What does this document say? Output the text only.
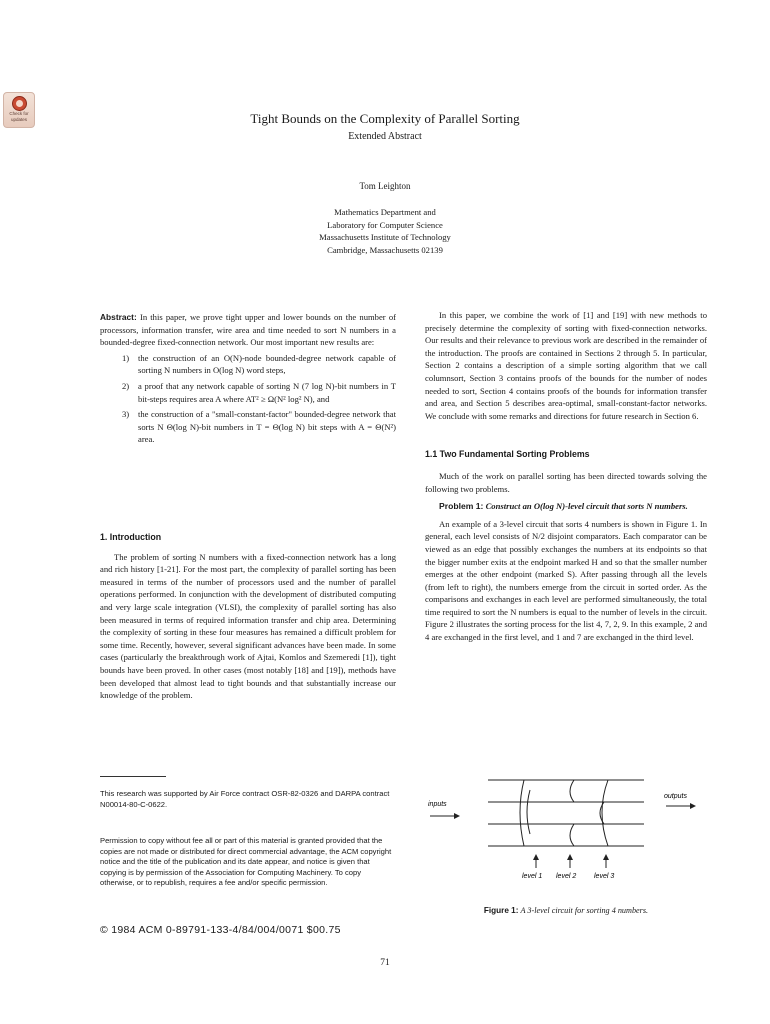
Check for updates	Tight Bounds on the Complexity of Parallel Sorting
Extended Abstract
Tom Leighton
Mathematics Department and
Laboratory for Computer Science
Massachusetts Institute of Technology
Cambridge, Massachusetts 02139

Abstract: In this paper, we prove tight upper and lower bounds on the number of processors, information transfer, wire area and time needed to sort N numbers in a bounded-degree fixed-connection network. Our most important new results are:

1) the construction of an O(N)-node bounded-degree network capable of sorting N numbers in O(log N) word steps,
2) a proof that any network capable of sorting N (7 log N)-bit numbers in T bit-steps requires area A where AT² ≥ Ω(N² log² N), and
3) the construction of a "small-constant-factor" bounded-degree network that sorts N Θ(log N)-bit numbers in T = Θ(log N) bit steps with A = Θ(N²) area.
1. Introduction

The problem of sorting N numbers with a fixed-connection network has a long and rich history [1-21]. For the most part, the complexity of parallel sorting has been measured in terms of the number of processors used and the number of parallel operations performed. In conjunction with the development of distributed computing and very large scale integration (VLSI), the complexity of parallel sorting has also been measured in terms of required information transfer and chip area. Determining the complexity of sorting in these four measures has remained a difficult problem for some time. Recently, however, several significant advances have been made. In some cases (particularly the breakthrough work of Ajtai, Komlos and Szemeredi [1]), tight bounds have been proved. In other cases (most notably [18] and [19]), methods have been developed that almost lead to tight bounds and that substantially increase our knowledge of the problem.

This research was supported by Air Force contract OSR-82-0326 and DARPA contract N00014-80-C-0622.
Permission to copy without fee all or part of this material is granted provided that the copies are not made or distributed for direct commercial advantage, the ACM copyright notice and the title of the publication and its date appear, and notice is given that copying is by permission of the Association for Computing Machinery. To copy otherwise, or to republish, requires a fee and/or specific permission.
© 1984 ACM 0-89791-133-4/84/004/0071 $00.75
71

In this paper, we combine the work of [1] and [19] with new methods to precisely determine the complexity of sorting with fixed-connection networks. Our results and their relevance to previous work are described in the remainder of the introduction. The proofs are contained in Sections 2 through 5. In particular, Section 2 contains a description of a simple sorting algorithm that we call columnsort, Section 3 contains proofs of the bounds for the number of nodes needed to sort, Section 4 contains proofs of the bounds for information transfer and area, and Section 5 describes area-optimal, small-constant-factor networks. We conclude with some remarks and directions for future research in Section 6.

1.1 Two Fundamental Sorting Problems

Much of the work on parallel sorting has been directed towards solving the following two problems.

Problem 1: Construct an O(log N)-level circuit that sorts N numbers.

An example of a 3-level circuit that sorts 4 numbers is shown in Figure 1. In general, each level consists of N/2 disjoint comparators. Each comparator can be viewed as an edge that possibly exchanges the numbers at its endpoints so that the bigger number exits at the endpoint marked H and so that the smaller number emerges at the other endpoint (marked S). After passing through all the levels (from left to right), the numbers emerge from the circuit in sorted order. As the comparisons and exchanges in each level are performed simultaneously, the total time required to sort the N numbers is equal to the number of levels in the circuit. Figure 2 illustrates the sorting process for the list 4, 7, 2, 9. In this example, 2 and 4 are exchanged in the first level, and 1 and 7 are exchanged in the third level.

inputs
outputs
level 1 level 2	level 3
Figure 1: A 3-level circuit for sorting 4 numbers.
